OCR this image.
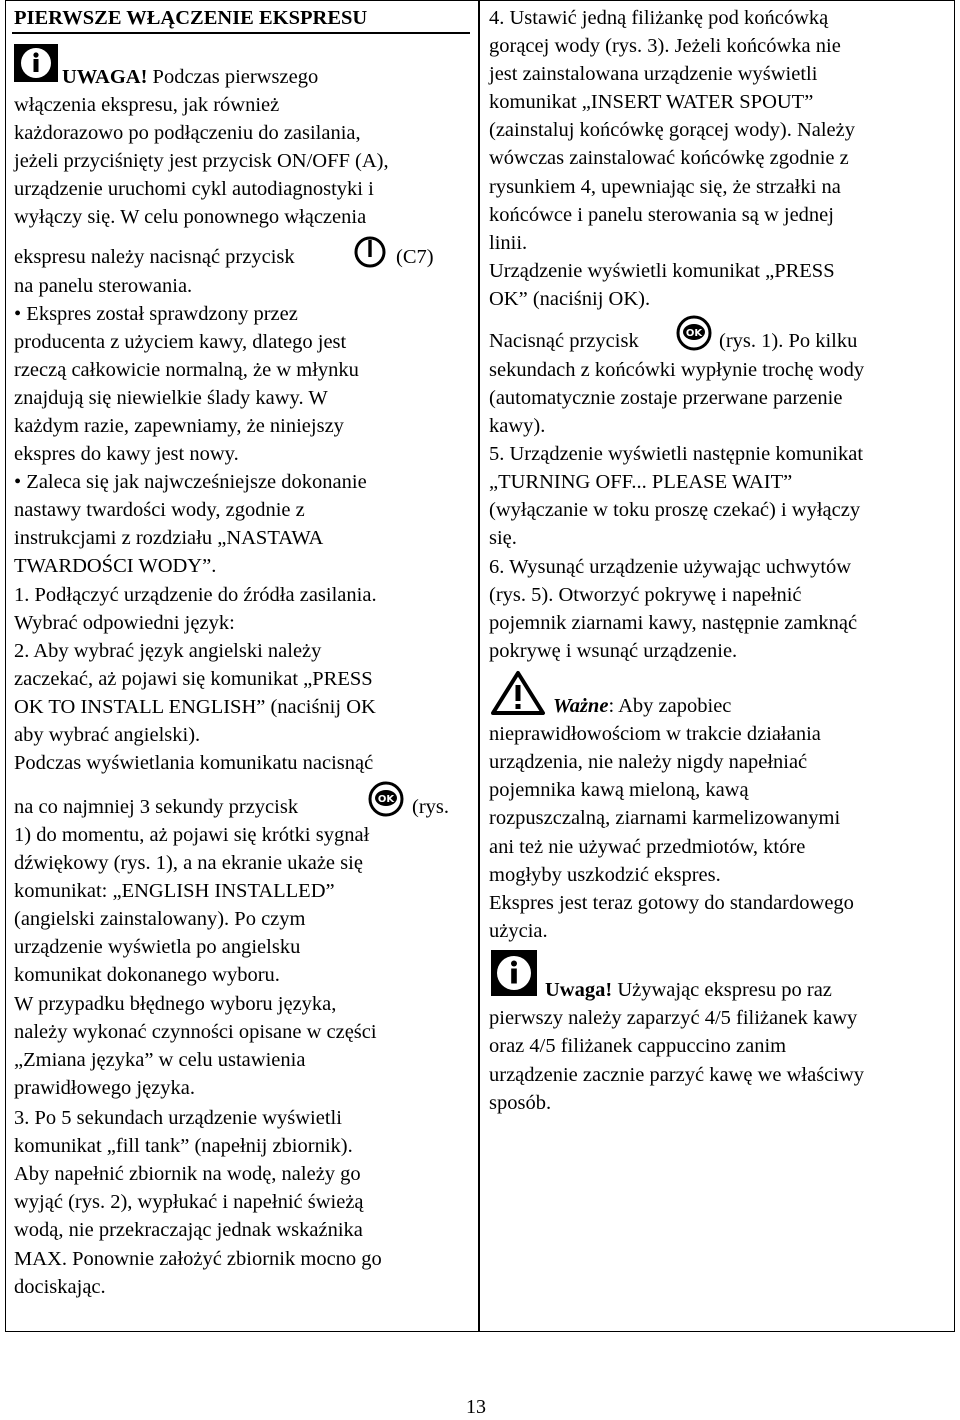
PIERWSZE WŁĄCZENIE EKSPRESU
UWAGA! Podczas pierwszego
włączenia ekspresu, jak również
każdorazowo po podłączeniu do zasilania,
jeżeli przyciśnięty jest przycisk ON/OFF (A),
urządzenie uruchomi cykl autodiagnostyki i
wyłączy się. W celu ponownego włączenia
ekspresu należy nacisnąć przycisk	(C7)
na panelu sterowania.
• Ekspres został sprawdzony przez
producenta z użyciem kawy, dlatego jest
rzeczą całkowicie normalną, że w młynku
znajdują się niewielkie ślady kawy. W
każdym razie, zapewniamy, że niniejszy
ekspres do kawy jest nowy.
• Zaleca się jak najwcześniejsze dokonanie
nastawy twardości wody, zgodnie z
instrukcjami z rozdziału „NASTAWA
TWARDOŚCI WODY”.
1. Podłączyć urządzenie do źródła zasilania.
Wybrać odpowiedni język:
2. Aby wybrać język angielski należy
zaczekać, aż pojawi się komunikat „PRESS
OK TO INSTALL ENGLISH” (naciśnij OK
aby wybrać angielski).
Podczas wyświetlania komunikatu nacisnąć
na co najmniej 3 sekundy przycisk	(rys.
1) do momentu, aż pojawi się krótki sygnał
dźwiękowy (rys. 1), a na ekranie ukaże się
komunikat: „ENGLISH INSTALLED”
(angielski zainstalowany). Po czym
urządzenie wyświetla po angielsku
komunikat dokonanego wyboru.
W przypadku błędnego wyboru języka,
należy wykonać czynności opisane w części
„Zmiana języka” w celu ustawienia
prawidłowego języka.
3. Po 5 sekundach urządzenie wyświetli
komunikat „fill tank” (napełnij zbiornik).
Aby napełnić zbiornik na wodę, należy go
wyjąć (rys. 2), wypłukać i napełnić świeżą
wodą, nie przekraczając jednak wskaźnika
MAX. Ponownie założyć zbiornik mocno go
dociskając.
OK
4. Ustawić jedną filiżankę pod końcówką
gorącej wody (rys. 3). Jeżeli końcówka nie
jest zainstalowana urządzenie wyświetli
komunikat „INSERT WATER SPOUT”
(zainstaluj końcówkę gorącej wody). Należy
wówczas zainstalować końcówkę zgodnie z
rysunkiem 4, upewniając się, że strzałki na
końcówce i panelu sterowania są w jednej
linii.
Urządzenie wyświetli komunikat „PRESS
OK” (naciśnij OK).
Nacisnąć przycisk	(rys. 1). Po kilku
sekundach z końcówki wypłynie trochę wody
(automatycznie zostaje przerwane parzenie
kawy).
5. Urządzenie wyświetli następnie komunikat
„TURNING OFF... PLEASE WAIT”
(wyłączanie w toku proszę czekać) i wyłączy
się.
6. Wysunąć urządzenie używając uchwytów
(rys. 5). Otworzyć pokrywę i napełnić
pojemnik ziarnami kawy, następnie zamknąć
pokrywę i wsunąć urządzenie.
Ważne: Aby zapobiec
nieprawidłowościom w trakcie działania
urządzenia, nie należy nigdy napełniać
pojemnika kawą mieloną, kawą
rozpuszczalną, ziarnami karmelizowanymi
ani też nie używać przedmiotów, które
mogłyby uszkodzić ekspres.
Ekspres jest teraz gotowy do standardowego
użycia.
Uwaga! Używając ekspresu po raz
pierwszy należy zaparzyć 4/5 filiżanek kawy
oraz 4/5 filiżanek cappuccino zanim
urządzenie zacznie parzyć kawę we właściwy
sposób.
OK
13
